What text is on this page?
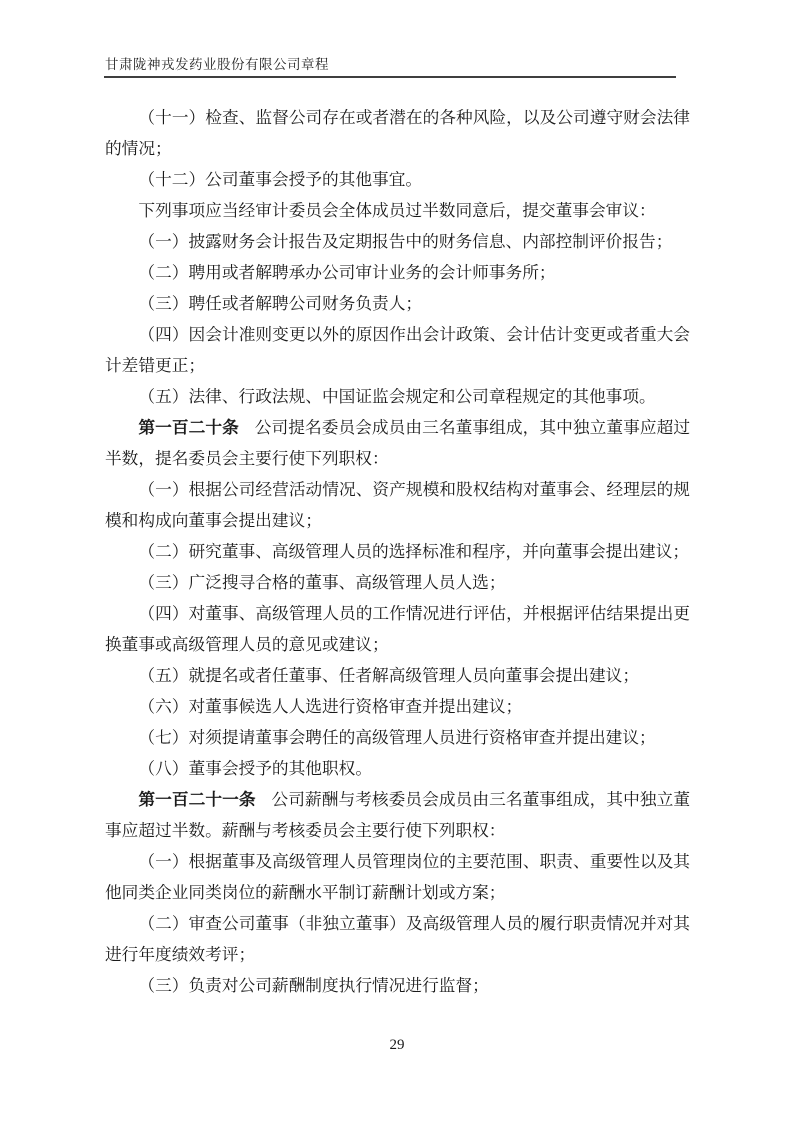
甘肃陇神戎发药业股份有限公司章程

（十一）检查、监督公司存在或者潜在的各种风险，以及公司遵守财会法律的情况；

（十二）公司董事会授予的其他事宜。

下列事项应当经审计委员会全体成员过半数同意后，提交董事会审议：

（一）披露财务会计报告及定期报告中的财务信息、内部控制评价报告；

（二）聘用或者解聘承办公司审计业务的会计师事务所；

（三）聘任或者解聘公司财务负责人；

（四）因会计准则变更以外的原因作出会计政策、会计估计变更或者重大会计差错更正；

（五）法律、行政法规、中国证监会规定和公司章程规定的其他事项。

第一百二十条 公司提名委员会成员由三名董事组成，其中独立董事应超过半数，提名委员会主要行使下列职权：

（一）根据公司经营活动情况、资产规模和股权结构对董事会、经理层的规模和构成向董事会提出建议；

（二）研究董事、高级管理人员的选择标准和程序，并向董事会提出建议；

（三）广泛搜寻合格的董事、高级管理人员人选；

（四）对董事、高级管理人员的工作情况进行评估，并根据评估结果提出更换董事或高级管理人员的意见或建议；

（五）就提名或者任董事、任者解高级管理人员向董事会提出建议；

（六）对董事候选人人选进行资格审查并提出建议；

（七）对须提请董事会聘任的高级管理人员进行资格审查并提出建议；

（八）董事会授予的其他职权。

第一百二十一条 公司薪酬与考核委员会成员由三名董事组成，其中独立董事应超过半数。薪酬与考核委员会主要行使下列职权：

（一）根据董事及高级管理人员管理岗位的主要范围、职责、重要性以及其他同类企业同类岗位的薪酬水平制订薪酬计划或方案；

（二）审查公司董事（非独立董事）及高级管理人员的履行职责情况并对其进行年度绩效考评；

（三）负责对公司薪酬制度执行情况进行监督；

29
